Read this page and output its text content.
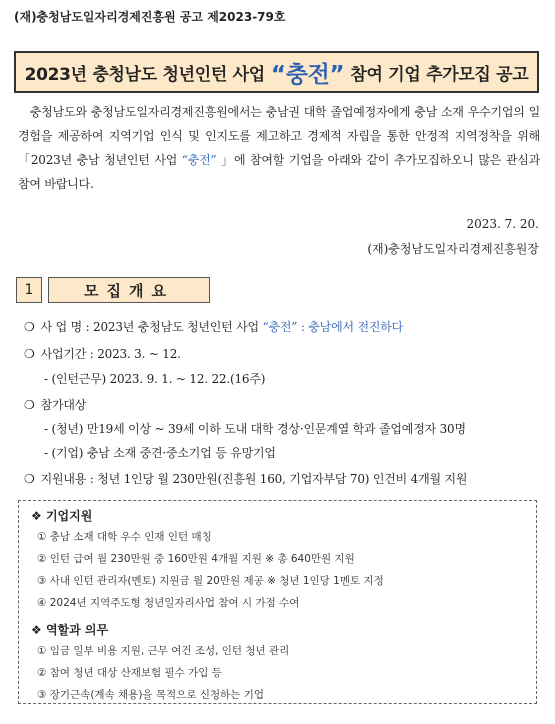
(재)충청남도일자리경제진흥원 공고 제2023-79호
2023년 충청남도 청년인턴 사업 “충전” 참여 기업 추가모집 공고
충청남도와 충청남도일자리경제진흥원에서는 충남권 대학 졸업예정자에게 충남 소재 우수기업의 일경험을 제공하여 지역기업 인식 및 인지도를 제고하고 경제적 자립을 통한 안정적 지역정착을 위해「2023년 충남 청년인턴 사업 “충전” 」에 참여할 기업을 아래와 같이 추가모집하오니 많은 관심과 참여 바랍니다.
2023. 7. 20.
(재)충청남도일자리경제진흥원장
1	모집개요
❍ 사 업 명 : 2023년 충청남도 청년인턴 사업 “충전” : 충남에서 전진하다
❍ 사업기간 : 2023. 3. ~ 12.
- (인턴근무) 2023. 9. 1. ~ 12. 22.(16주)
❍ 참가대상
- (청년) 만19세 이상 ~ 39세 이하 도내 대학 경상·인문계열 학과 졸업예정자 30명
- (기업) 충남 소재 중견·중소기업 등 유망기업
❍ 지원내용 : 청년 1인당 월 230만원(진흥원 160, 기업자부담 70) 인건비 4개월 지원
❖ 기업지원
① 충남 소재 대학 우수 인재 인턴 매칭
② 인턴 급여 월 230만원 중 160만원 4개월 지원 ※ 총 640만원 지원
③ 사내 인턴 관리자(멘토) 지원금 월 20만원 제공 ※ 청년 1인당 1멘토 지정
④ 2024년 지역주도형 청년일자리사업 참여 시 가점 수여
❖ 역할과 의무
① 임금 일부 비용 지원, 근무 여건 조성, 인턴 청년 관리
② 참여 청년 대상 산재보험 필수 가입 등
③ 장기근속(계속 채용)을 목적으로 신청하는 기업
